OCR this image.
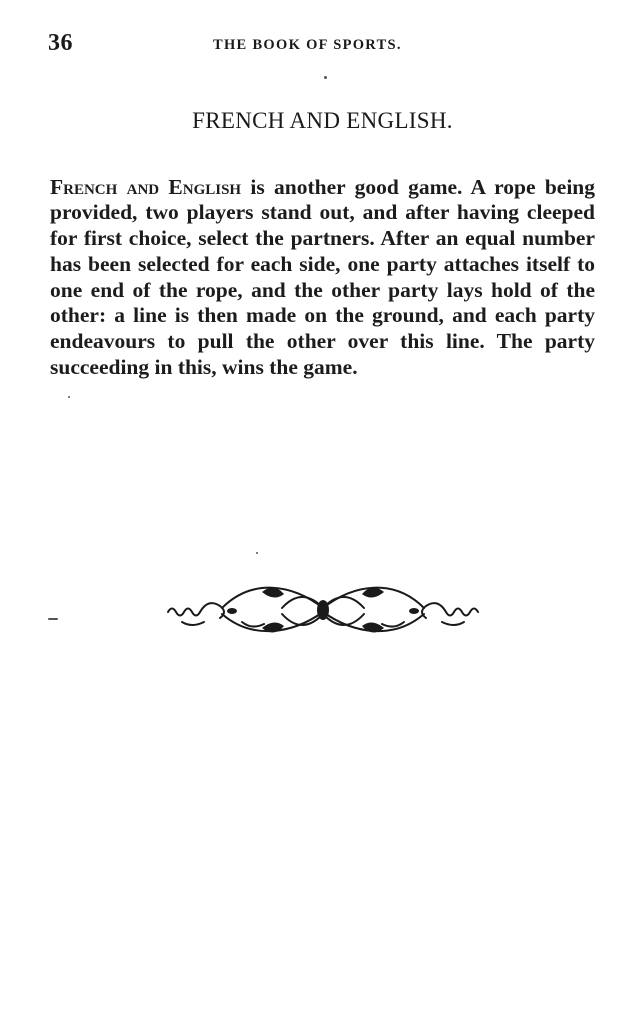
36	THE BOOK OF SPORTS.
FRENCH AND ENGLISH.

French and English is another good game. A rope being provided, two players stand out, and after having cleeped for first choice, select the partners. After an equal number has been selected for each side, one party attaches itself to one end of the rope, and the other party lays hold of the other: a line is then made on the ground, and each party endeavours to pull the other over this line. The party succeeding in this, wins the game.
